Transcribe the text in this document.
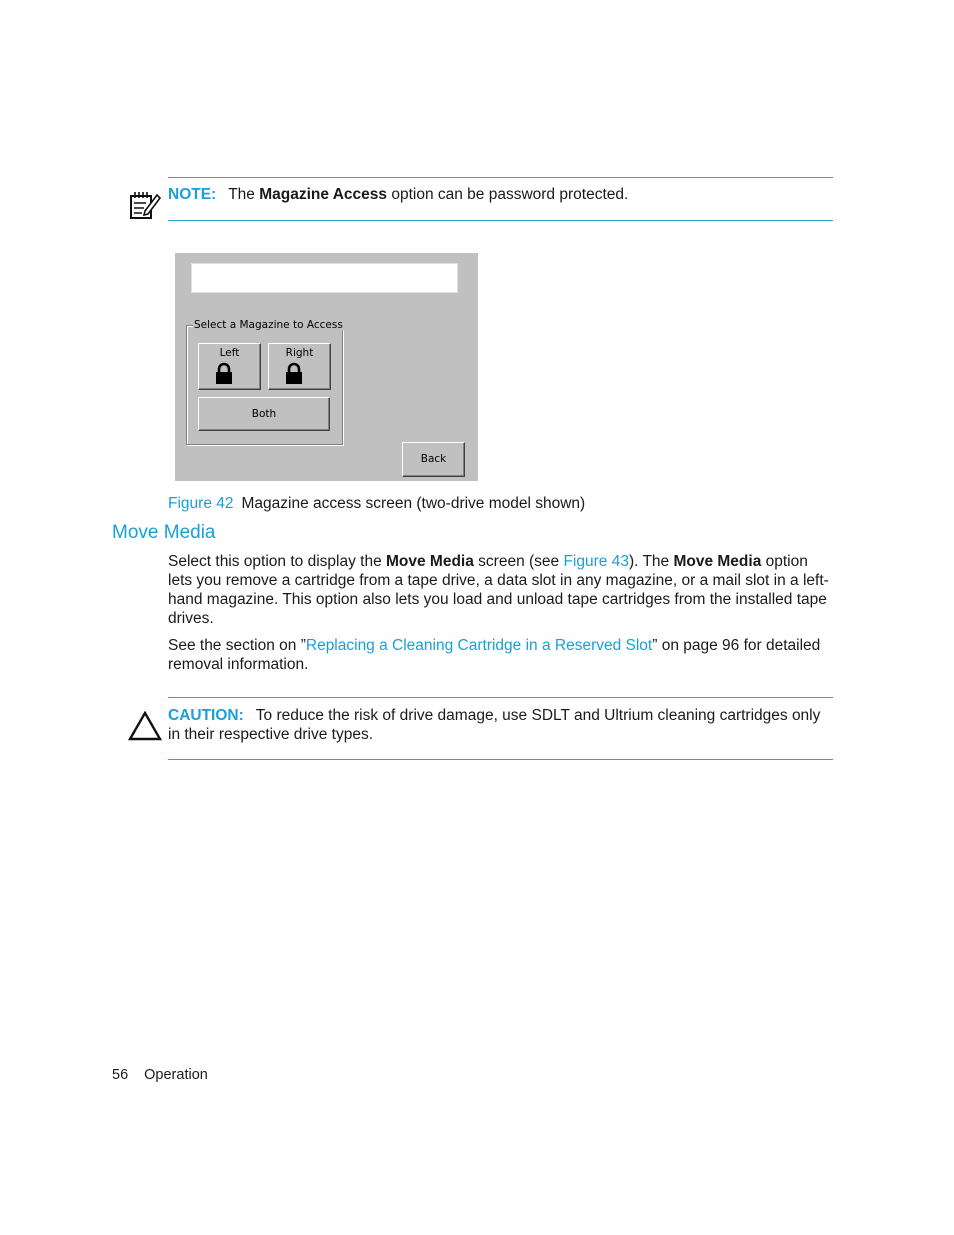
NOTE: The Magazine Access option can be password protected.
Select a Magazine to Access
Left	Right
Both
Back
Figure 42 Magazine access screen (two-drive model shown)
Move Media
Select this option to display the Move Media screen (see Figure 43). The Move Media option lets you remove a cartridge from a tape drive, a data slot in any magazine, or a mail slot in a left-hand magazine. This option also lets you load and unload tape cartridges from the installed tape drives.
See the section on ”Replacing a Cleaning Cartridge in a Reserved Slot” on page 96 for detailed removal information.
CAUTION: To reduce the risk of drive damage, use SDLT and Ultrium cleaning cartridges only in their respective drive types.
56 Operation
